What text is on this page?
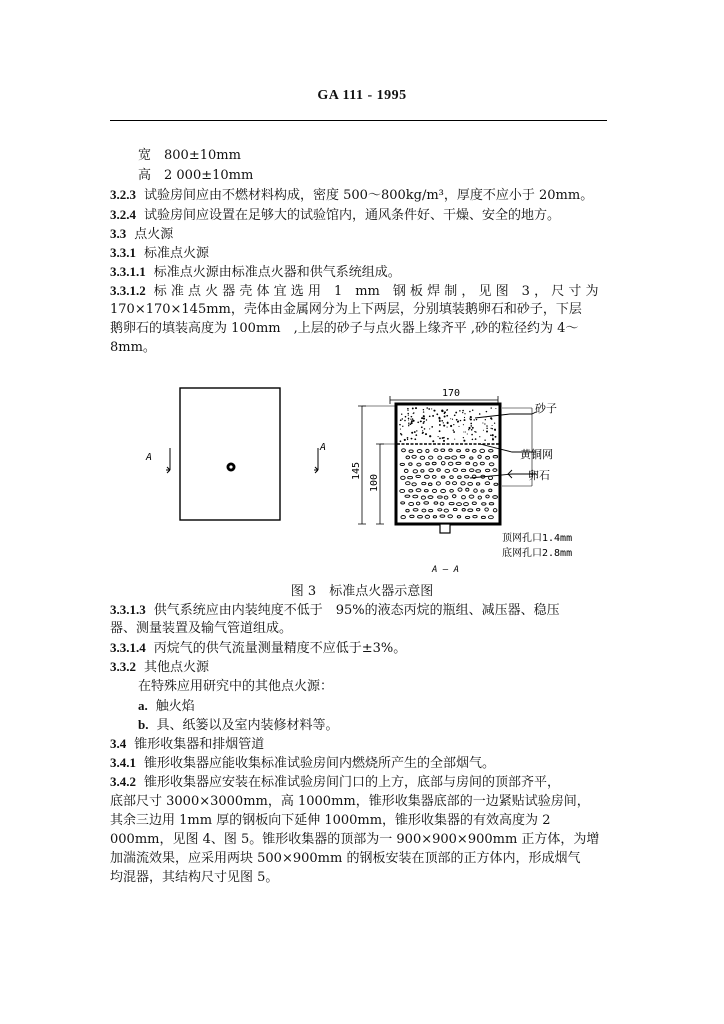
GA 111 - 1995
宽　800±10mm
高　2 000±10mm
3.2.3 试验房间应由不燃材料构成，密度 500～800kg/m³，厚度不应小于 20mm。
3.2.4 试验房间应设置在足够大的试验馆内，通风条件好、干燥、安全的地方。
3.3 点火源
3.3.1 标准点火源
3.3.1.1 标准点火源由标准点火器和供气系统组成。
3.3.1.2 标 准 点 火 器 壳 体 宜 选 用　1　mm　钢 板 焊 制 ， 见 图　3 ， 尺 寸 为
170×170×145mm，壳体由金属网分为上下两层，分别填装鹅卵石和砂子，下层
鹅卵石的填装高度为 100mm　,上层的砂子与点火器上缘齐平 ,砂的粒径约为 4～
8mm。
A
A
170
145
100
砂子
黄铜网
卵石
顶网孔口1.4mm
底网孔口2.8mm
A — A
图 3　标准点火器示意图
3.3.1.3 供气系统应由内装纯度不低于　95%的液态丙烷的瓶组、减压器、稳压
器、测量装置及输气管道组成。
3.3.1.4 丙烷气的供气流量测量精度不应低于±3%。
3.3.2 其他点火源
在特殊应用研究中的其他点火源：
a. 触火焰
b. 具、纸篓以及室内装修材料等。
3.4 锥形收集器和排烟管道
3.4.1 锥形收集器应能收集标准试验房间内燃烧所产生的全部烟气。
3.4.2 锥形收集器应安装在标准试验房间门口的上方，底部与房间的顶部齐平，
底部尺寸 3000×3000mm，高 1000mm，锥形收集器底部的一边紧贴试验房间，
其余三边用 1mm 厚的钢板向下延伸 1000mm，锥形收集器的有效高度为 2
000mm，见图 4、图 5。锥形收集器的顶部为一 900×900×900mm 正方体，为增
加湍流效果，应采用两块 500×900mm 的钢板安装在顶部的正方体内，形成烟气
均混器，其结构尺寸见图 5。
